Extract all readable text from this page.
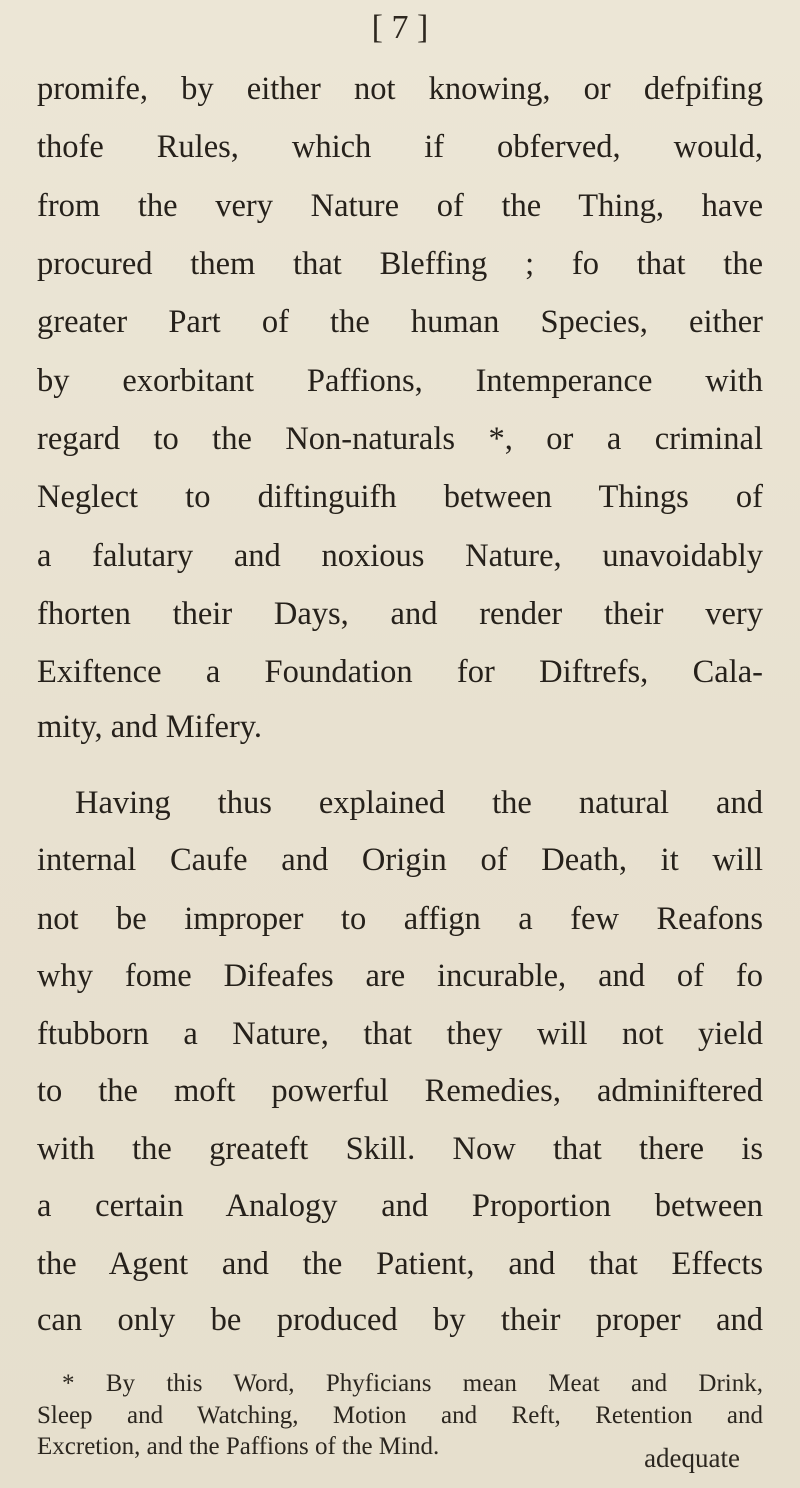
[ 7 ]
promife, by either not knowing, or defpifing
thofe Rules, which if obferved, would,
from the very Nature of the Thing, have
procured them that Bleffing ; fo that the
greater Part of the human Species, either
by exorbitant Paffions, Intemperance with
regard to the Non-naturals *, or a criminal
Neglect to diftinguifh between Things of
a falutary and noxious Nature, unavoidably
fhorten their Days, and render their very
Exiftence a Foundation for Diftrefs, Cala-
mity, and Mifery.
Having thus explained the natural and
internal Caufe and Origin of Death, it will
not be improper to affign a few Reafons
why fome Difeafes are incurable, and of fo
ftubborn a Nature, that they will not yield
to the moft powerful Remedies, adminiftered
with the greateft Skill. Now that there is
a certain Analogy and Proportion between
the Agent and the Patient, and that Effects
can only be produced by their proper and
* By this Word, Phyficians mean Meat and Drink,
Sleep and Watching, Motion and Reft, Retention and
Excretion, and the Paffions of the Mind.	adequate
